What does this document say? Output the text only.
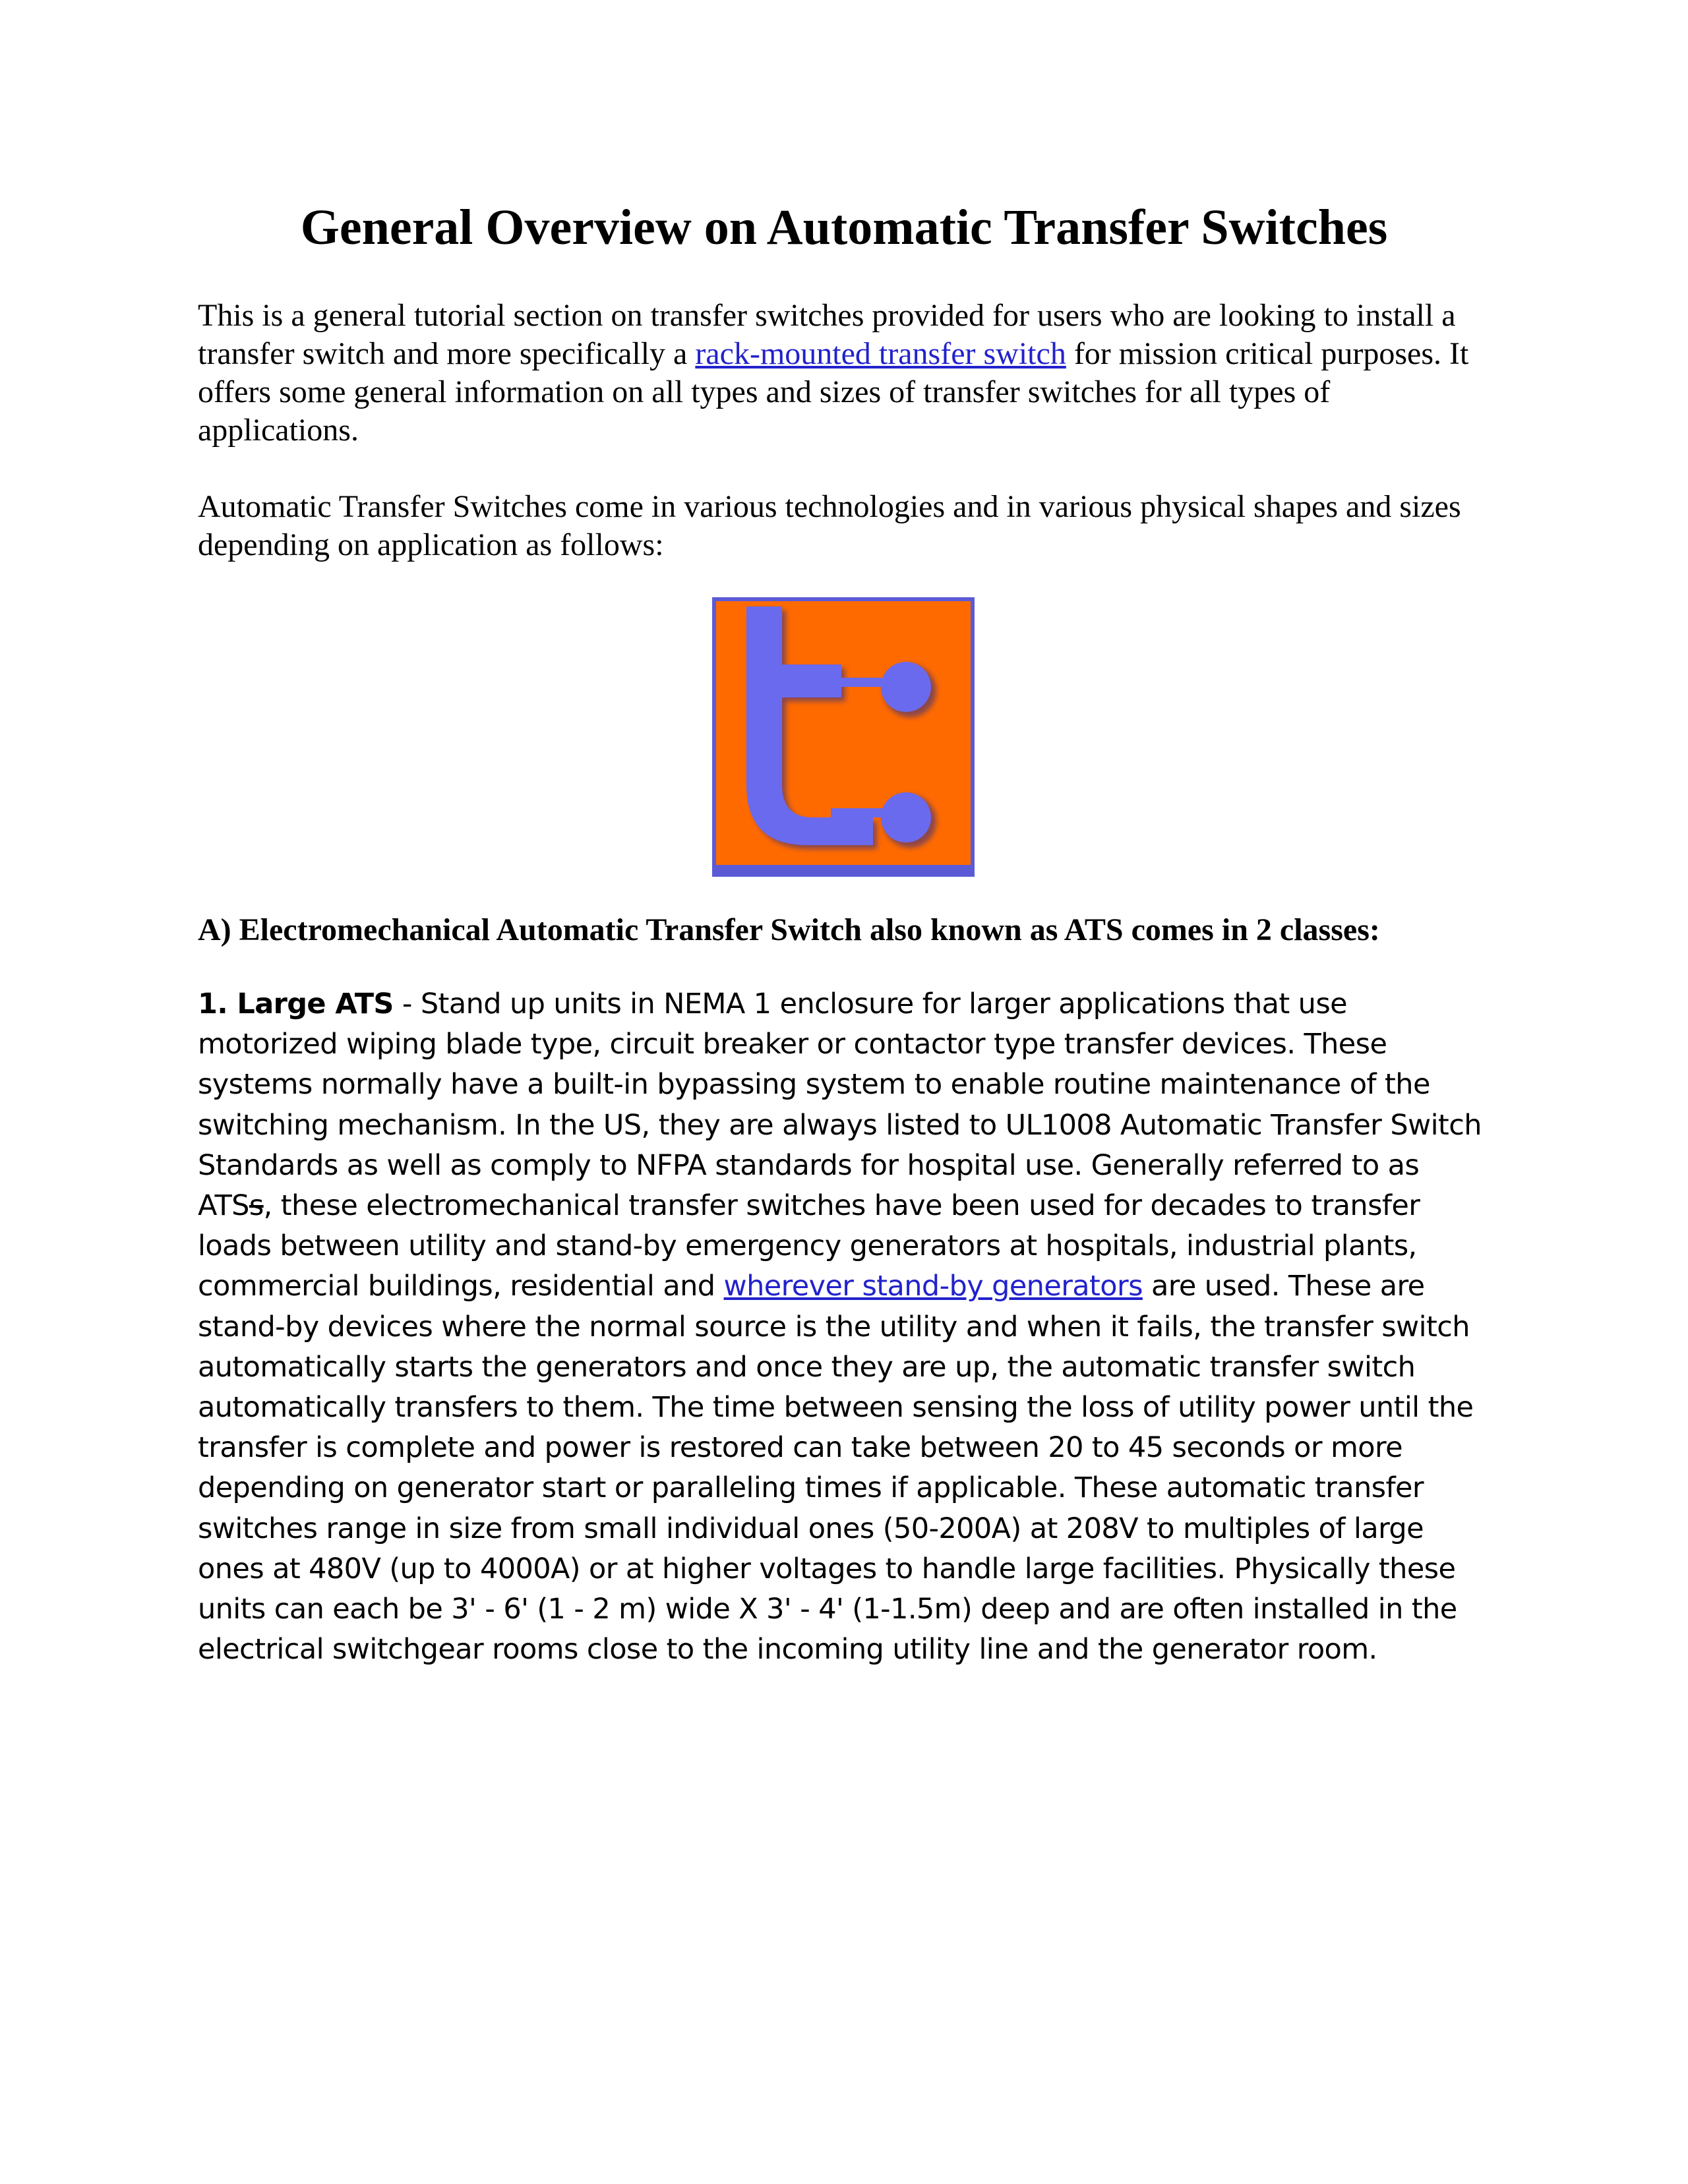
General Overview on Automatic Transfer Switches

This is a general tutorial section on transfer switches provided for users who are looking to install a transfer switch and more specifically a rack-mounted transfer switch for mission critical purposes. It offers some general information on all types and sizes of transfer switches for all types of applications.

Automatic Transfer Switches come in various technologies and in various physical shapes and sizes depending on application as follows:

A) Electromechanical Automatic Transfer Switch also known as ATS comes in 2 classes:

1. Large ATS - Stand up units in NEMA 1 enclosure for larger applications that use motorized wiping blade type, circuit breaker or contactor type transfer devices. These systems normally have a built-in bypassing system to enable routine maintenance of the switching mechanism. In the US, they are always listed to UL1008 Automatic Transfer Switch Standards as well as comply to NFPA standards for hospital use. Generally referred to as ATSs, these electromechanical transfer switches have been used for decades to transfer loads between utility and stand-by emergency generators at hospitals, industrial plants, commercial buildings, residential and wherever stand-by generators are used. These are stand-by devices where the normal source is the utility and when it fails, the transfer switch automatically starts the generators and once they are up, the automatic transfer switch automatically transfers to them. The time between sensing the loss of utility power until the transfer is complete and power is restored can take between 20 to 45 seconds or more depending on generator start or paralleling times if applicable. These automatic transfer switches range in size from small individual ones (50-200A) at 208V to multiples of large ones at 480V (up to 4000A) or at higher voltages to handle large facilities. Physically these units can each be 3' - 6' (1 - 2 m) wide X 3' - 4' (1-1.5m) deep and are often installed in the electrical switchgear rooms close to the incoming utility line and the generator room.
